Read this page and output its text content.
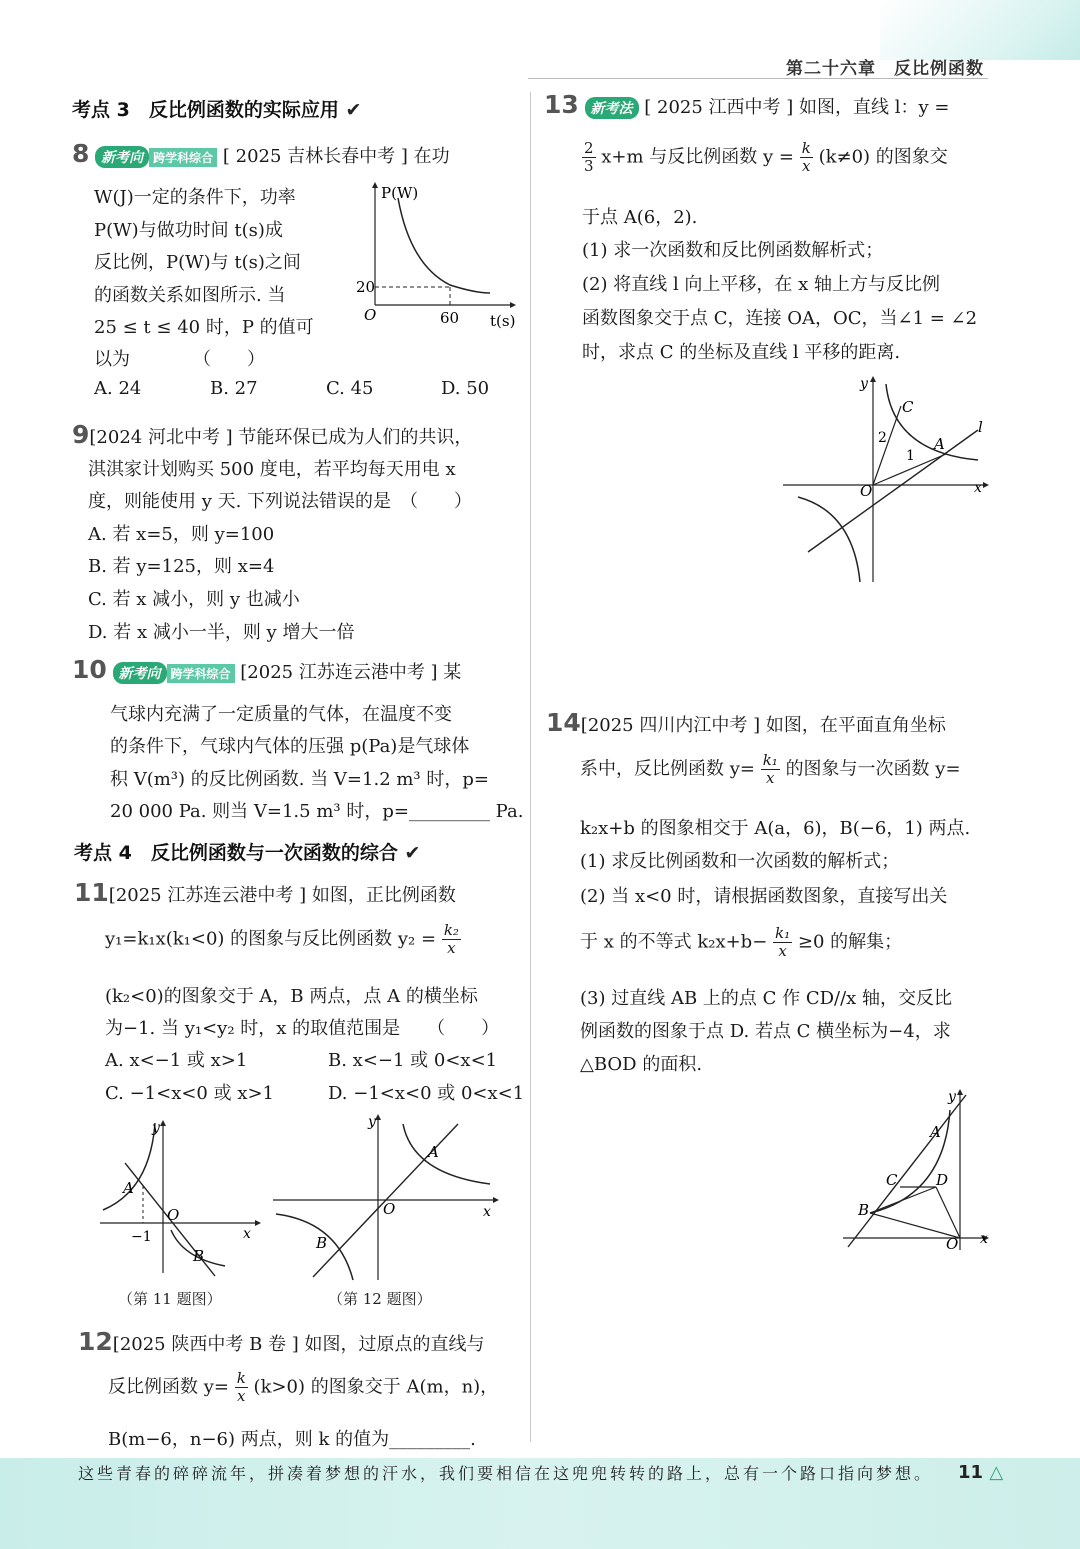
第二十六章　反比例函数
考点 3　反比例函数的实际应用 ✔
8 新考向 跨学科综合 [ 2025 吉林长春中考 ] 在功
W(J)一定的条件下，功率
P(W)与做功时间 t(s)成
反比例，P(W)与 t(s)之间
的函数关系如图所示. 当
25 ≤ t ≤ 40 时，P 的值可
以为　　　　（　　）
A. 24	B. 27	C. 45	D. 50
P(W)
t(s)
O
20
60
9[2024 河北中考 ] 节能环保已成为人们的共识，
淇淇家计划购买 500 度电，若平均每天用电 x
度，则能使用 y 天. 下列说法错误的是　（　　）
A. 若 x=5，则 y=100
B. 若 y=125，则 x=4
C. 若 x 减小，则 y 也减小
D. 若 x 减小一半，则 y 增大一倍
10 新考向 跨学科综合 [2025 江苏连云港中考 ] 某
气球内充满了一定质量的气体，在温度不变
的条件下，气球内气体的压强 p(Pa)是气球体
积 V(m³) 的反比例函数. 当 V=1.2 m³ 时，p=
20 000 Pa. 则当 V=1.5 m³ 时，p=_________ Pa.
考点 4　反比例函数与一次函数的综合 ✔
11[2025 江苏连云港中考 ] 如图，正比例函数
y₁=k₁x(k₁<0) 的图象与反比例函数 $y_2 = \frac{\text{k₂}}{x}$
(k₂<0)的图象交于 A，B 两点，点 A 的横坐标
为−1. 当 y₁<y₂ 时，x 的取值范围是　　（　　）
A. x<−1 或 x>1	B. x<−1 或 0<x<1
C. −1<x<0 或 x>1	D. −1<x<0 或 0<x<1
A
B
O
−1	x
y
（第 11 题图）
A
B
O	x
y
（第 12 题图）
12[2025 陕西中考 B 卷 ] 如图，过原点的直线与
反比例函数 $y= \frac{k}{x} (k>0)$ 的图象交于 A(m，n)，
B(m−6，n−6) 两点，则 k 的值为_________.
13 新考法 [ 2025 江西中考 ] 如图，直线 l：y =
$\frac{2}{3} x+m$ 与反比例函数 $y = \frac{k}{x} (k\ne 0)$ 的图象交
于点 A(6，2).
(1) 求一次函数和反比例函数解析式；
(2) 将直线 l 向上平移，在 x 轴上方与反比例
函数图象交于点 C，连接 OA，OC，当∠1 = ∠2
时，求点 C 的坐标及直线 l 平移的距离.
C
A
O
2
1
l
x
y
14[2025 四川内江中考 ] 如图，在平面直角坐标
系中，反比例函数 $y= \frac{\text{k₁}}{x}$ 的图象与一次函数 y=
k₂x+b 的图象相交于 A(a，6)，B(−6，1) 两点.
(1) 求反比例函数和一次函数的解析式；
(2) 当 x<0 时，请根据函数图象，直接写出关
于 x 的不等式 $k_2x+b- \frac{\text{k₁}}{x} \ge 0$ 的解集；
(3) 过直线 AB 上的点 C 作 CD//x 轴，交反比
例函数的图象于点 D. 若点 C 横坐标为−4，求
△BOD 的面积.
A
B
C	D
O x
y
这些青春的碎碎流年，拼凑着梦想的汗水，我们要相信在这兜兜转转的路上，总有一个路口指向梦想。 11 △
